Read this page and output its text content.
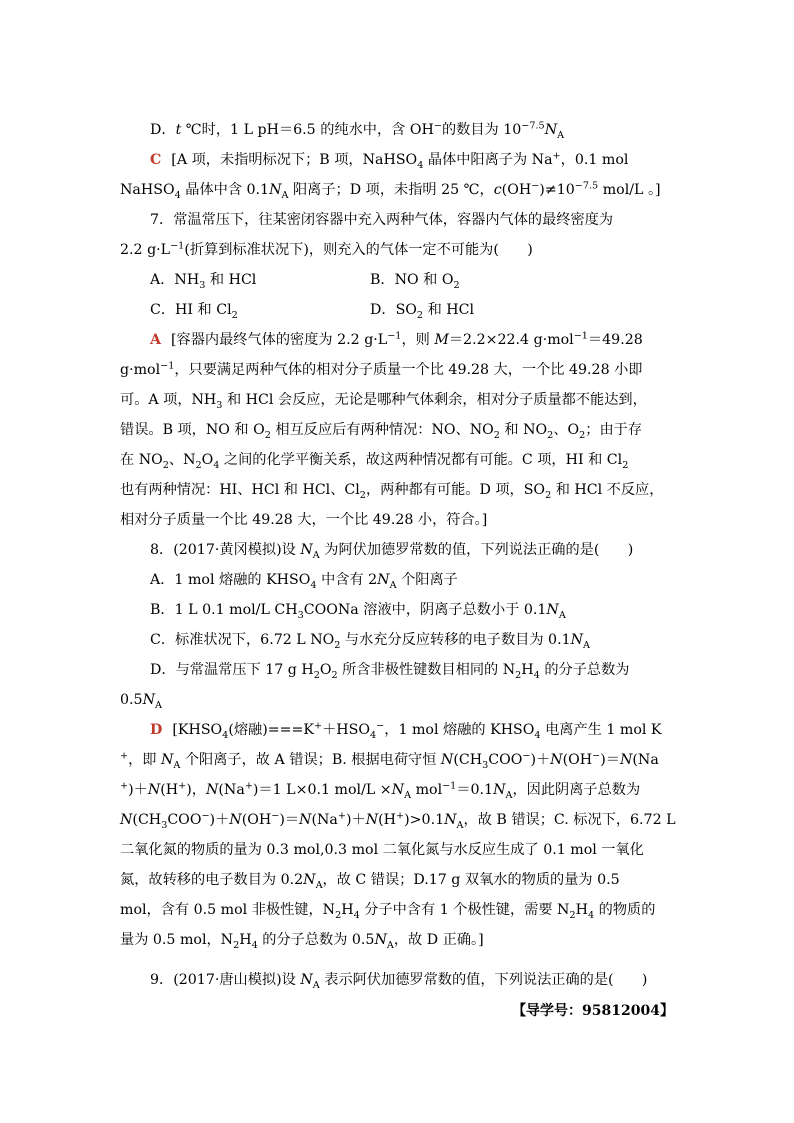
D．t ℃时，1 L pH＝6.5 的纯水中，含 OH−的数目为 $10^{-7.5}N_A$
C [A 项，未指明标况下；B 项，NaHSO$_4$ 晶体中阳离子为 Na+，0.1 mol
NaHSO$_4$ 晶体中含 $0.1N_A$ 阳离子；D 项，未指明 25 ℃，$c(OH^-)\ne 10^{-7.5}$ mol/L 。]
7．常温常压下，往某密闭容器中充入两种气体，容器内气体的最终密度为
2.2 $g\cdot L^{-1}$(折算到标准状况下)，则充入的气体一定不可能为(　　)
A．$NH_3$ 和 HCl	B．NO 和 $O_2$
C．HI 和 $Cl_2$	D．$SO_2$ 和 HCl
A [容器内最终气体的密度为 2.2 $g\cdot L^{-1}$，则 M＝2.2×22.4 g·mol$^{-1}$＝49.28
g·mol$^{-1}$，只要满足两种气体的相对分子质量一个比 49.28 大，一个比 49.28 小即
可。A 项，$NH_3$ 和 HCl 会反应，无论是哪种气体剩余，相对分子质量都不能达到，
错误。B 项，NO 和 $O_2$ 相互反应后有两种情况：NO、$NO_2$ 和 $NO_2$、$O_2$；由于存
在 $NO_2$、$N_2O_4$ 之间的化学平衡关系，故这两种情况都有可能。C 项，HI 和 $Cl_2$
也有两种情况：HI、HCl 和 HCl、$Cl_2$，两种都有可能。D 项，$SO_2$ 和 HCl 不反应，
相对分子质量一个比 49.28 大，一个比 49.28 小，符合。]
8．(2017·黄冈模拟)设 $N_A$ 为阿伏加德罗常数的值，下列说法正确的是(　　)
A．1 mol 熔融的 $KHSO_4$ 中含有 $2N_A$ 个阳离子
B．1 L 0.1 mol/L $CH_3COONa$ 溶液中，阴离子总数小于 $0.1N_A$
C．标准状况下，6.72 L $NO_2$ 与水充分反应转移的电子数目为 $0.1N_A$
D．与常温常压下 17 g $H_2O_2$ 所含非极性键数目相同的 $N_2H_4$ 的分子总数为
$0.5N_A$
D [$KHSO_4$(熔融)$===K^++HSO_4^-$，1 mol 熔融的 $KHSO_4$ 电离产生 1 mol K
+，即 $N_A$ 个阳离子，故 A 错误；B. 根据电荷守恒 $N(CH_3COO^-)+N(OH^-)=N(Na$
+)＋N(H+)，N(Na+)＝1 L×0.1 $mol/L \times N_A$ $mol^{-1}=0.1N_A$，因此阴离子总数为
$N(CH_3COO^-)+N(OH^-)=N(Na^+)+N(H^+)>0.1N_A$，故 B 错误；C. 标况下，6.72 L
二氧化氮的物质的量为 0.3 mol,0.3 mol 二氧化氮与水反应生成了 0.1 mol 一氧化
氮，故转移的电子数目为 $0.2N_A$，故 C 错误；D.17 g 双氧水的物质的量为 0.5
mol，含有 0.5 mol 非极性键，$N_2H_4$ 分子中含有 1 个极性键，需要 $N_2H_4$ 的物质的
量为 0.5 mol，$N_2H_4$ 的分子总数为 $0.5N_A$，故 D 正确。]
9．(2017·唐山模拟)设 $N_A$ 表示阿伏加德罗常数的值，下列说法正确的是(　　)
【导学号：95812004】
